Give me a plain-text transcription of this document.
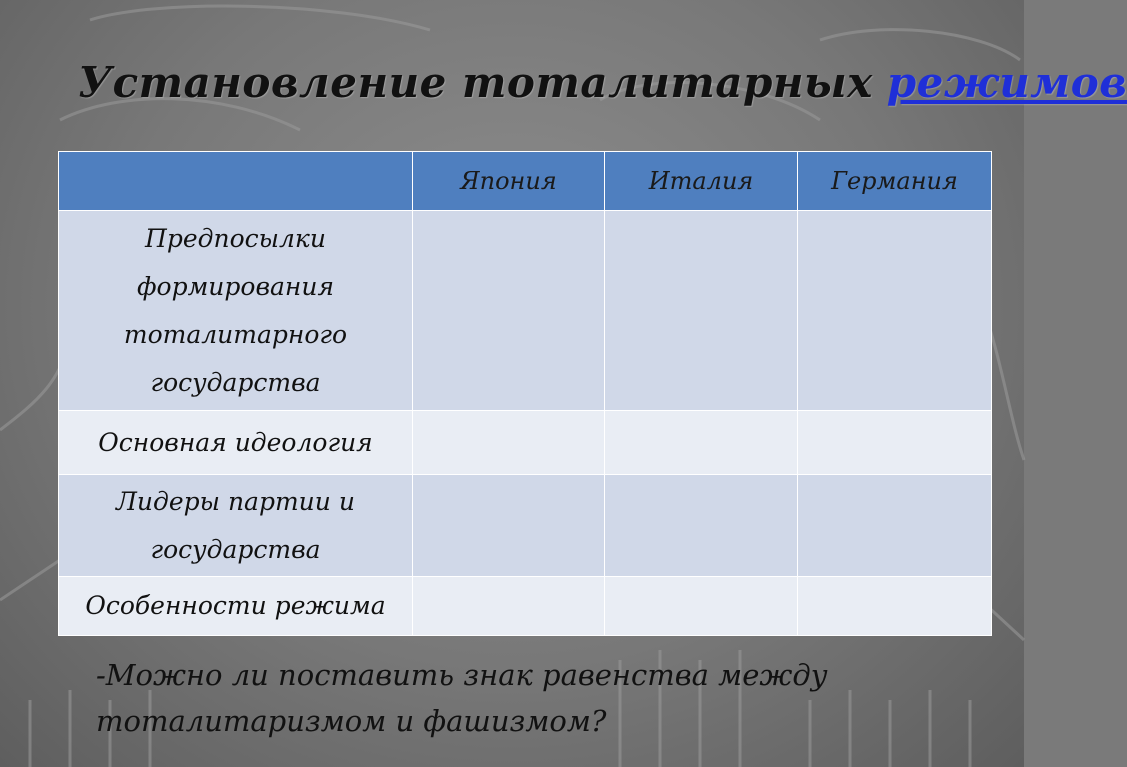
Установление тоталитарных режимов
	Япония	Италия	Германия
Предпосылки формирования тоталитарного государства			
Основная идеология			
Лидеры партии и государства			
Особенности режима			
-Можно ли поставить знак равенства между тоталитаризмом и фашизмом?
